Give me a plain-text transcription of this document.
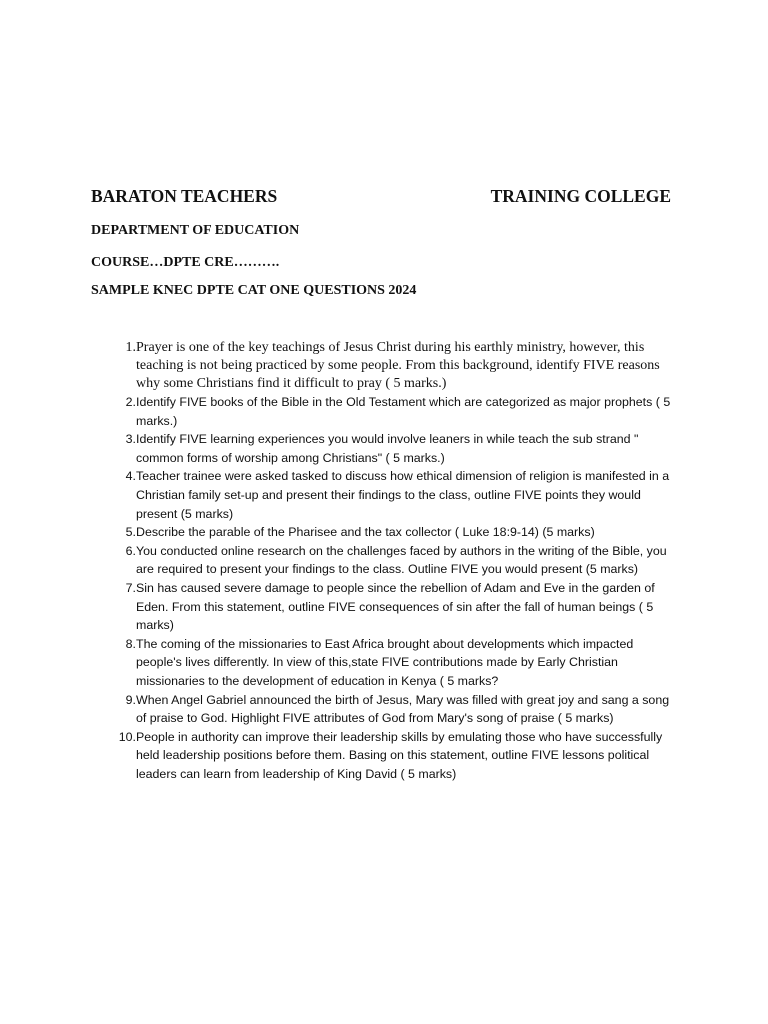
BARATON TEACHERS	TRAINING COLLEGE
DEPARTMENT OF EDUCATION
COURSE…DPTE CRE……….
SAMPLE KNEC DPTE CAT ONE QUESTIONS 2024
1. Prayer is one of the key teachings of Jesus Christ during his earthly ministry, however, this teaching is not being practiced by some people. From this background, identify FIVE reasons why some Christians find it difficult to pray ( 5 marks.)
2. Identify FIVE books of the Bible in the Old Testament which are categorized as major prophets ( 5 marks.)
3. Identify FIVE learning experiences you would involve leaners in while teach the sub strand " common forms of worship among Christians" ( 5 marks.)
4. Teacher trainee were asked tasked to discuss how ethical dimension of religion is manifested in a Christian family set-up and present their findings to the class, outline FIVE points they would present (5 marks)
5. Describe the parable of the Pharisee and the tax collector ( Luke 18:9-14) (5 marks)
6. You conducted online research on the challenges faced by authors in the writing of the Bible, you are required to present your findings to the class. Outline FIVE you would present (5 marks)
7. Sin has caused severe damage to people since the rebellion of Adam and Eve in the garden of Eden. From this statement, outline FIVE consequences of sin after the fall of human beings ( 5 marks)
8. The coming of the missionaries to East Africa brought about developments which impacted people's lives differently. In view of this,state FIVE contributions made by Early Christian missionaries to the development of education in Kenya ( 5 marks?
9. When Angel Gabriel announced the birth of Jesus, Mary was filled with great joy and sang a song of praise to God. Highlight FIVE attributes of God from Mary's song of praise ( 5 marks)
10. People in authority can improve their leadership skills by emulating those who have successfully held leadership positions before them. Basing on this statement, outline FIVE lessons political leaders can learn from leadership of King David ( 5 marks)
